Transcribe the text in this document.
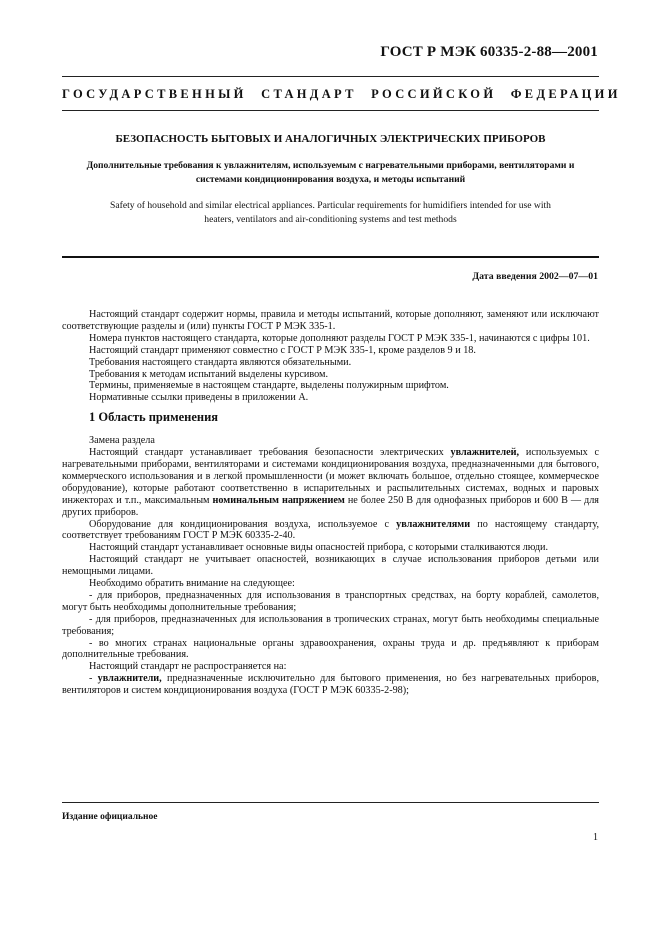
ГОСТ Р МЭК 60335-2-88—2001
ГОСУДАРСТВЕННЫЙ СТАНДАРТ РОССИЙСКОЙ ФЕДЕРАЦИИ
БЕЗОПАСНОСТЬ БЫТОВЫХ И АНАЛОГИЧНЫХ ЭЛЕКТРИЧЕСКИХ ПРИБОРОВ
Дополнительные требования к увлажнителям, используемым с нагревательными приборами, вентиляторами и системами кондиционирования воздуха, и методы испытаний
Safety of household and similar electrical appliances. Particular requirements for humidifiers intended for use with
heaters, ventilators and air-conditioning systems and test methods
Дата введения 2002—07—01

Настоящий стандарт содержит нормы, правила и методы испытаний, которые дополняют, заменяют или исключают соответствующие разделы и (или) пункты ГОСТ Р МЭК 335-1.

Номера пунктов настоящего стандарта, которые дополняют разделы ГОСТ Р МЭК 335-1, начинаются с цифры 101.

Настоящий стандарт применяют совместно с ГОСТ Р МЭК 335-1, кроме разделов 9 и 18.

Требования настоящего стандарта являются обязательными.

Требования к методам испытаний выделены курсивом.

Термины, применяемые в настоящем стандарте, выделены полужирным шрифтом.

Нормативные ссылки приведены в приложении А.

1 Область применения

Замена раздела

Настоящий стандарт устанавливает требования безопасности электрических увлажнителей, используемых с нагревательными приборами, вентиляторами и системами кондиционирования воздуха, предназначенными для бытового, коммерческого использования и в легкой промышленности (и может включать большое, отдельно стоящее, коммерческое оборудование), которые работают соответственно в испарительных и распылительных системах, водных и паровых инжекторах и т.п., максимальным номинальным напряжением не более 250 В для однофазных приборов и 600 В — для других приборов.

Оборудование для кондиционирования воздуха, используемое с увлажнителями по настоящему стандарту, соответствует требованиям ГОСТ Р МЭК 60335-2-40.

Настоящий стандарт устанавливает основные виды опасностей прибора, с которыми сталкиваются люди.

Настоящий стандарт не учитывает опасностей, возникающих в случае использования приборов детьми или немощными лицами.

Необходимо обратить внимание на следующее:

- для приборов, предназначенных для использования в транспортных средствах, на борту кораблей, самолетов, могут быть необходимы дополнительные требования;

- для приборов, предназначенных для использования в тропических странах, могут быть необходимы специальные требования;

- во многих странах национальные органы здравоохранения, охраны труда и др. предъявляют к приборам дополнительные требования.

Настоящий стандарт не распространяется на:

- увлажнители, предназначенные исключительно для бытового применения, но без нагревательных приборов, вентиляторов и систем кондиционирования воздуха (ГОСТ Р МЭК 60335-2-98);

Издание официальное
1
